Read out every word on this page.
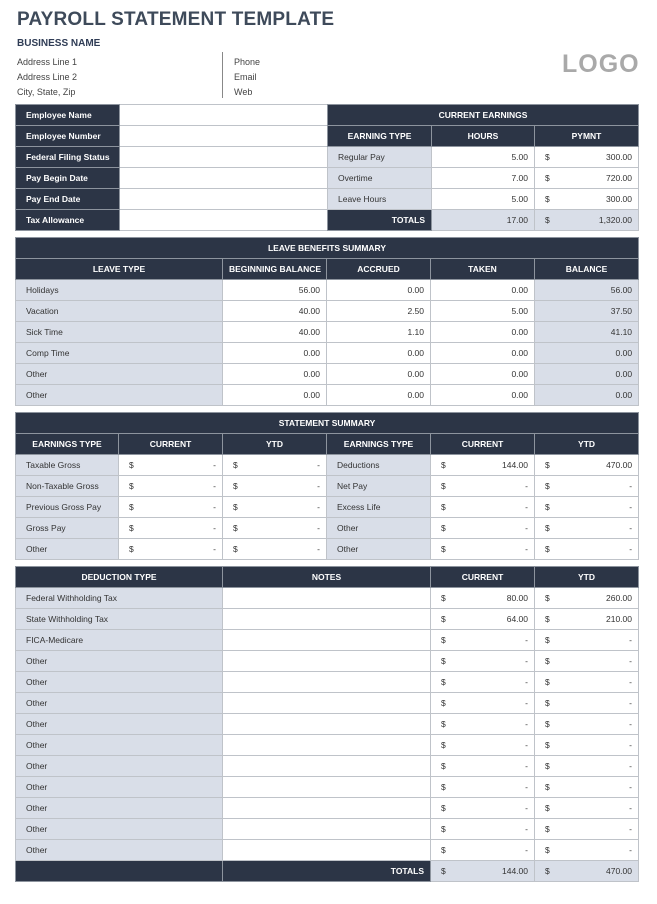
PAYROLL STATEMENT TEMPLATE
BUSINESS NAME
Address Line 1
Address Line 2
City, State, Zip
Phone
Email
Web
LOGO
Employee Name	
Employee Number	
Federal Filing Status	
Pay Begin Date	
Pay End Date	
Tax Allowance	
CURRENT EARNINGS		
EARNING TYPE	HOURS	PYMNT
Regular Pay	5.00	$ 300.00

Overtime	7.00	$ 720.00

Leave Hours	5.00	$ 300.00

TOTALS	17.00	$ 1,320.00
LEAVE BENEFITS SUMMARY				
LEAVE TYPE	BEGINNING BALANCE	ACCRUED	TAKEN	BALANCE
Holidays	56.00	0.00	0.00	56.00
Vacation	40.00	2.50	5.00	37.50
Sick Time	40.00	1.10	0.00	41.10
Comp Time	0.00	0.00	0.00	0.00
Other	0.00	0.00	0.00	0.00
Other	0.00	0.00	0.00	0.00
STATEMENT SUMMARY					
EARNINGS TYPE	CURRENT	YTD	EARNINGS TYPE	CURRENT	YTD
Taxable Gross	$ -	$ -	Deductions	$ 144.00	$ 470.00

Non-Taxable Gross	$ -	$ -	Net Pay	$ -	$ -

Previous Gross Pay	$ -	$ -	Excess Life	$ -	$ -

Gross Pay	$ -	$ -	Other	$ -	$ -

Other	$ -	$ -	Other	$ -	$ -
DEDUCTION TYPE	NOTES	CURRENT	YTD
Federal Withholding Tax		$ 80.00	$ 260.00

State Withholding Tax		$ 64.00	$ 210.00

FICA-Medicare		$ -	$ -

Other		$ -	$ -

Other		$ -	$ -

Other		$ -	$ -

Other		$ -	$ -

Other		$ -	$ -

Other		$ -	$ -

Other		$ -	$ -

Other		$ -	$ -

Other		$ -	$ -

Other		$ -	$ -

	TOTALS	$ 144.00	$ 470.00
